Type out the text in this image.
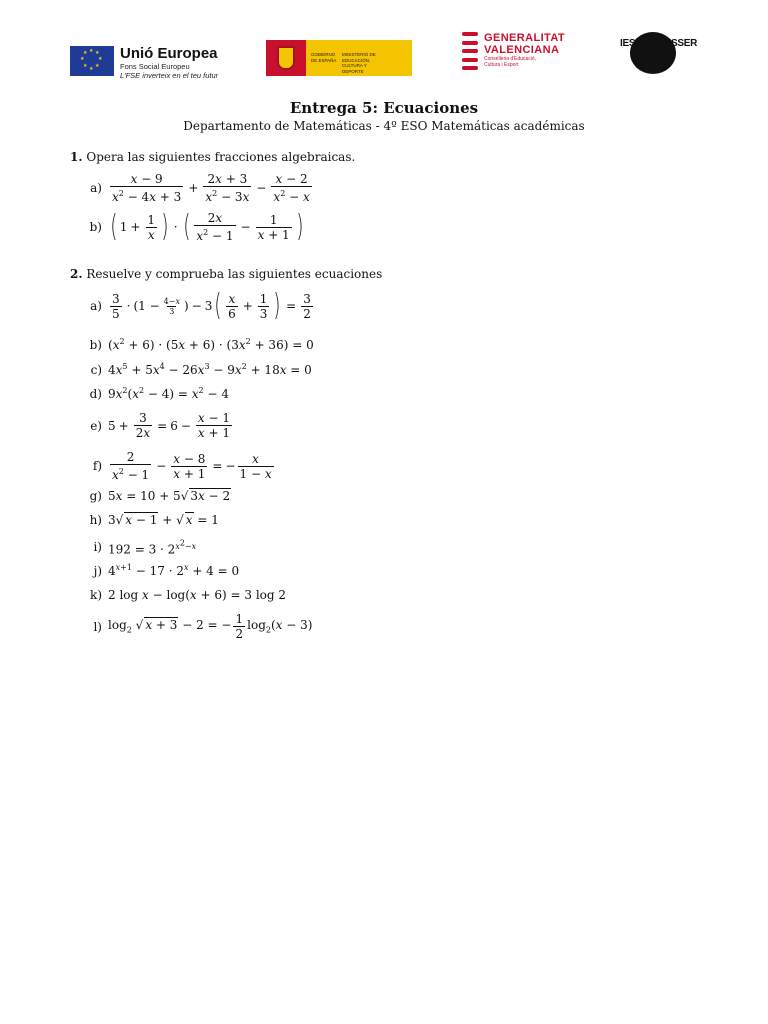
★ ★
★
★
★
★
★
★ Unió Europea
Fons Social Europeu
L'FSE inverteix en el teu futur
GOBIERNO DE ESPAÑA
MINISTERIO DE EDUCACIÓN, CULTURA Y DEPORTE
GENERALITAT
VALENCIANA
Conselleria d'Educació,
Cultura i Esport
IES L'ALLUSSER
Entrega 5: Ecuaciones
Departamento de Matemáticas - 4º ESO Matemáticas académicas
1. Opera las siguientes fracciones algebraicas.
$a) \frac{x - 9}{x^2 - 4x + 3} + \frac{2x + 3}{x^2 - 3x} - \frac{x - 2}{x^2 - x}$
b) ( $1 + \frac{1}{x}$ ) · ( $\frac{2x}{x^2 - 1} - \frac{1}{x + 1}$ )
2. Resuelve y comprueba las siguientes ecuaciones
$a) \frac{3}{5} \cdot (1 - \frac{4-x}{3}$ ) − 3 ( $\frac{x}{6} + \frac{1}{3}$ ) = $\frac{3}{2}$
b) $(x^2 + 6) \cdot (5x + 6) \cdot (3x^2 + 36) = 0$
c) $4x^5 + 5x^4 - 26x^3 - 9x^2 + 18x = 0$
d) $9x^2(x^2 - 4) = x^2 - 4$
e) $5 + \frac{3}{2x} = 6 - \frac{x - 1}{x + 1}$
$f) \frac{2}{x^2 - 1} - \frac{x - 8}{x + 1}$ = − $\frac{x}{1 - x}$
g) 5x = 10 + 5√ 3x − 2
h) 3√ x − 1 + √ x = 1
i) $192 = 3 \cdot 2^{x^2-x}$
j) $4^{x+1} - 17 \cdot 2^x + 4 = 0$
k) 2 log x − log(x + 6) = 3 log 2
l) $\log_2$ √ x + 3 − 2 = − $\frac{1}{2} \log_2(x - 3)$
